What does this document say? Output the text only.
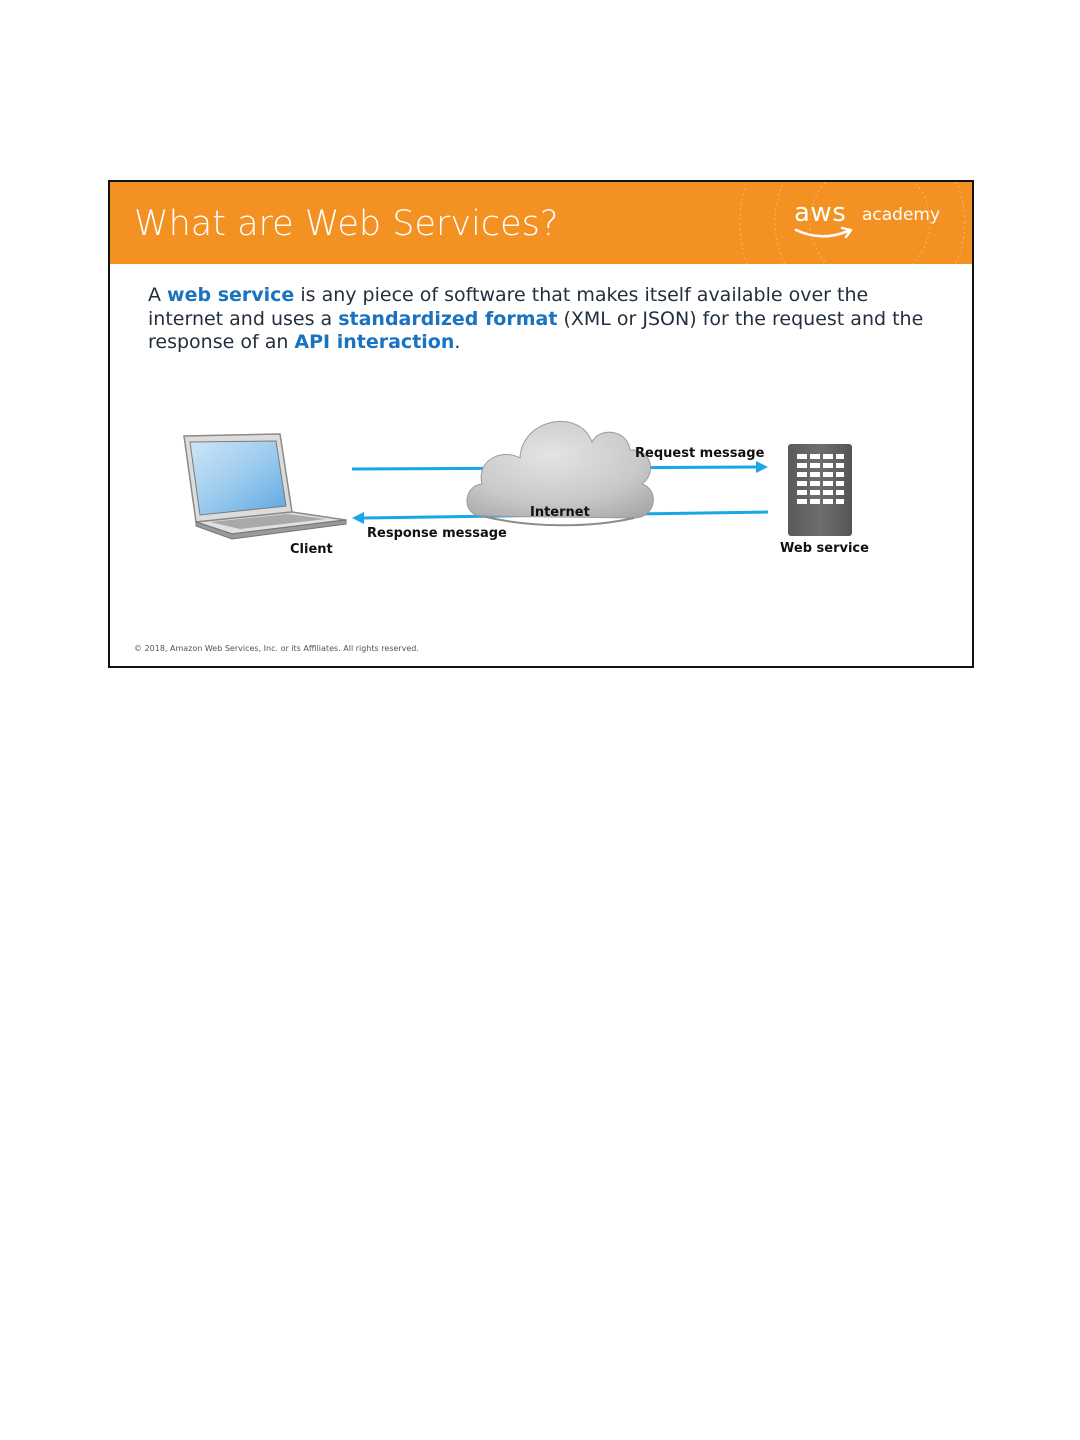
What are Web Services?	aws academy

A web service is any piece of software that makes itself available over the internet and uses a standardized format (XML or JSON) for the request and the response of an API interaction.

Client
Internet
Web service
Request message
Response message
© 2018, Amazon Web Services, Inc. or its Affiliates. All rights reserved.
